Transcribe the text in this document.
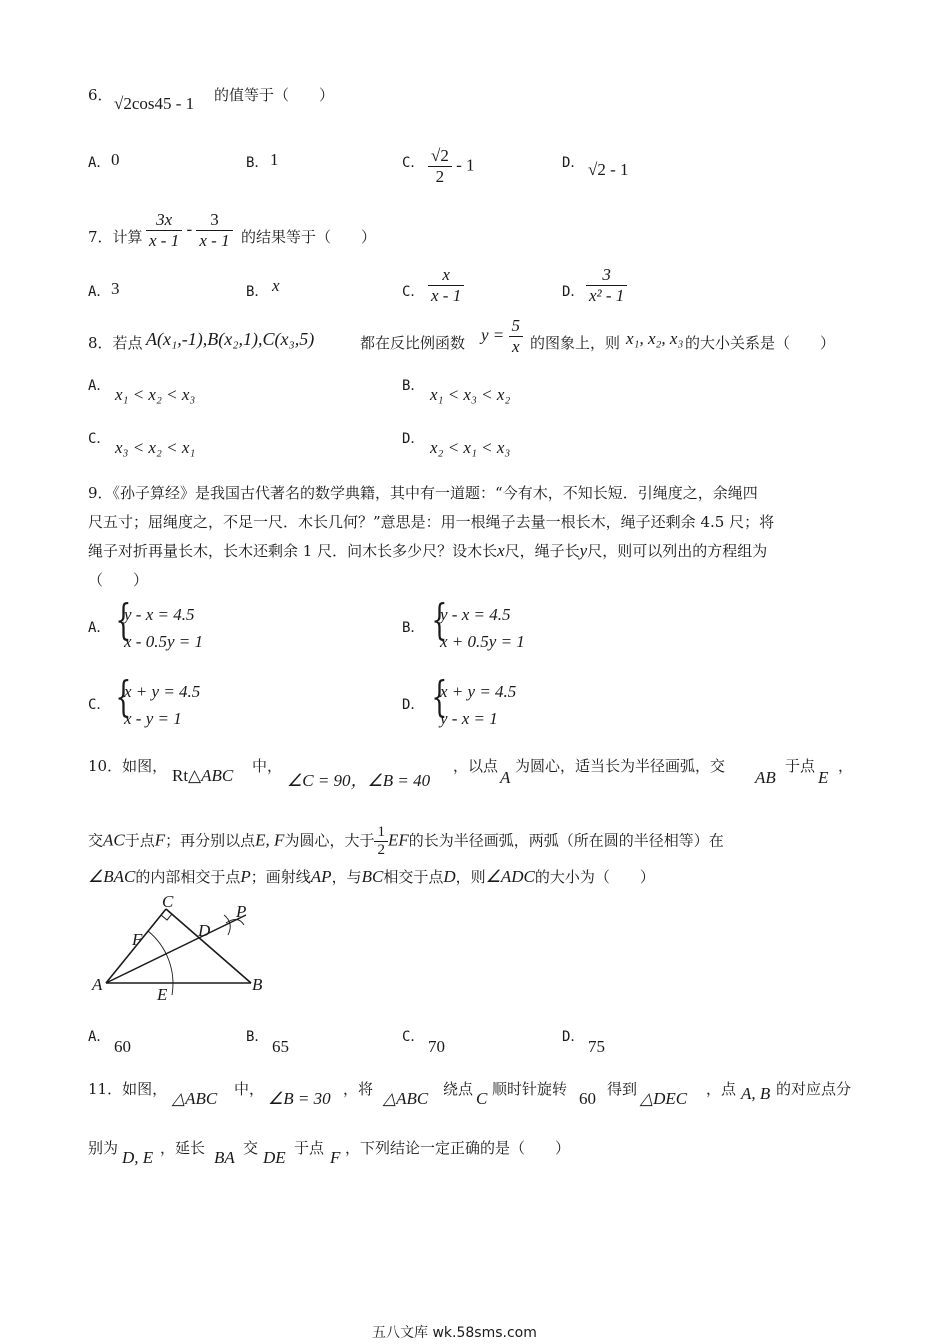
6． √2cos45 - 1 的值等于（　　）
A． 0	B． 1	C． $\frac{√2}{2} - 1$	D． √2 - 1
7．计算 $\frac{3x}{x - 1} - \frac{3}{x - 1}$ 的结果等于（　　）
A． 3	B． x	C． $\frac{x}{x - 1}$	D． $\frac{3}{\text{x² - 1}}$
8．若点 A(x₁,-1),B(x₂,1),C(x₃,5)	都在反比例函数 $y = \frac{5}{x}$ 的图象上，则 x₁, x₂, x₃ 的大小关系是（　　）
A． x₁ < x₂ < x₃	B． x₁ < x₃ < x₂
C． x₃ < x₂ < x₁	D． x₂ < x₁ < x₃
9．《孙子算经》是我国古代著名的数学典籍，其中有一道题：“今有木，不知长短．引绳度之，余绳四
尺五寸；屈绳度之，不足一尺．木长几何？”意思是：用一根绳子去量一根长木，绳子还剩余 4.5 尺；将
绳子对折再量长木，长木还剩余 1 尺．问木长多少尺？设木长x尺，绳子长y尺，则可以列出的方程组为
（　　）
A． {
y - x = 4.5
x - 0.5y = 1
B． {
y - x = 4.5
x + 0.5y = 1
C． {
x + y = 4.5
x - y = 1
D． {
x + y = 4.5
y - x = 1
10．如图， Rt△ABC 中，
∠C = 90，∠B = 40
，以点
A
为圆心，适当长为半径画弧，交
AB
于点
E
，
交AC于点F；再分别以点E, F为圆心，大于 $\frac{1}{2}$ EF的长为半径画弧，两弧（所在圆的半径相等）在
∠BAC的内部相交于点P；画射线AP，与BC相交于点D，则∠ADC的大小为（　　）
C
D
P
F
A
E
B
A． 60	B． 65	C． 70	D． 75
11．如图， △ABC 中， ∠B = 30 ，将 △ABC 绕点 C 顺时针旋转 60 得到 △DEC ，点 A, B 的对应点分
别为 D, E ，延长 BA 交 DE 于点 F ，下列结论一定正确的是（　　）
五八文库 wk.58sms.com
